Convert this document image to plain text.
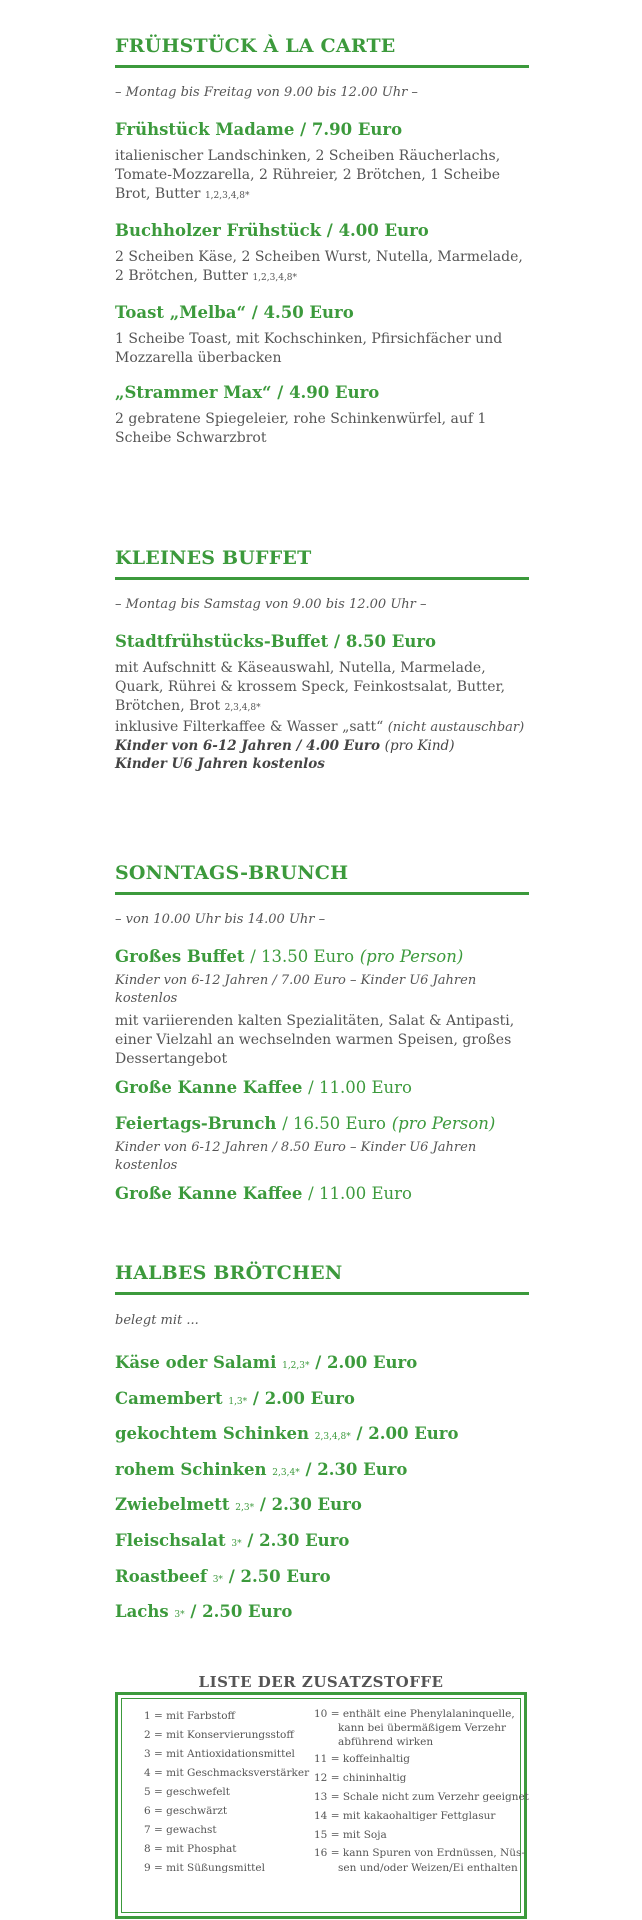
FRÜHSTÜCK À LA CARTE
– Montag bis Freitag von 9.00 bis 12.00 Uhr –
Frühstück Madame / 7.90 Euro
italienischer Landschinken, 2 Scheiben Räucherlachs, Tomate-Mozzarella, 2 Rühreier, 2 Brötchen, 1 Scheibe Brot, Butter 1,2,3,4,8*
Buchholzer Frühstück / 4.00 Euro
2 Scheiben Käse, 2 Scheiben Wurst, Nutella, Marmelade, 2 Brötchen, Butter 1,2,3,4,8*
Toast „Melba“ / 4.50 Euro
1 Scheibe Toast, mit Kochschinken, Pfirsichfächer und Mozzarella überbacken
„Strammer Max“ / 4.90 Euro
2 gebratene Spiegeleier, rohe Schinkenwürfel, auf 1 Scheibe Schwarzbrot
KLEINES BUFFET
– Montag bis Samstag von 9.00 bis 12.00 Uhr –
Stadtfrühstücks-Buffet / 8.50 Euro
mit Aufschnitt & Käseauswahl, Nutella, Marmelade, Quark, Rührei & krossem Speck, Feinkostsalat, Butter, Brötchen, Brot 2,3,4,8*
inklusive Filterkaffee & Wasser „satt“ (nicht austauschbar)
Kinder von 6-12 Jahren / 4.00 Euro (pro Kind)
Kinder U6 Jahren kostenlos
SONNTAGS-BRUNCH
– von 10.00 Uhr bis 14.00 Uhr –
Großes Buffet / 13.50 Euro (pro Person)
Kinder von 6-12 Jahren / 7.00 Euro – Kinder U6 Jahren kostenlos
mit variierenden kalten Spezialitäten, Salat & Antipasti, einer Vielzahl an wechselnden warmen Speisen, großes Dessertangebot
Große Kanne Kaffee / 11.00 Euro
Feiertags-Brunch / 16.50 Euro (pro Person)
Kinder von 6-12 Jahren / 8.50 Euro – Kinder U6 Jahren kostenlos
Große Kanne Kaffee / 11.00 Euro
HALBES BRÖTCHEN
belegt mit ...
Käse oder Salami 1,2,3* / 2.00 Euro
Camembert 1,3* / 2.00 Euro
gekochtem Schinken 2,3,4,8* / 2.00 Euro
rohem Schinken 2,3,4* / 2.30 Euro
Zwiebelmett 2,3* / 2.30 Euro
Fleischsalat 3* / 2.30 Euro
Roastbeef 3* / 2.50 Euro
Lachs 3* / 2.50 Euro
LISTE DER ZUSATZSTOFFE
1 = mit Farbstoff
2 = mit Konservierungsstoff
3 = mit Antioxidationsmittel
4 = mit Geschmacksverstärker
5 = geschwefelt
6 = geschwärzt
7 = gewachst
8 = mit Phosphat
9 = mit Süßungsmittel
10 = enthält eine Phenylalaninquelle,
kann bei übermäßigem Verzehr
abführend wirken
11 = koffeinhaltig
12 = chininhaltig
13 = Schale nicht zum Verzehr geeignet
14 = mit kakaohaltiger Fettglasur
15 = mit Soja
16 = kann Spuren von Erdnüssen, Nüs-
sen und/oder Weizen/Ei enthalten
